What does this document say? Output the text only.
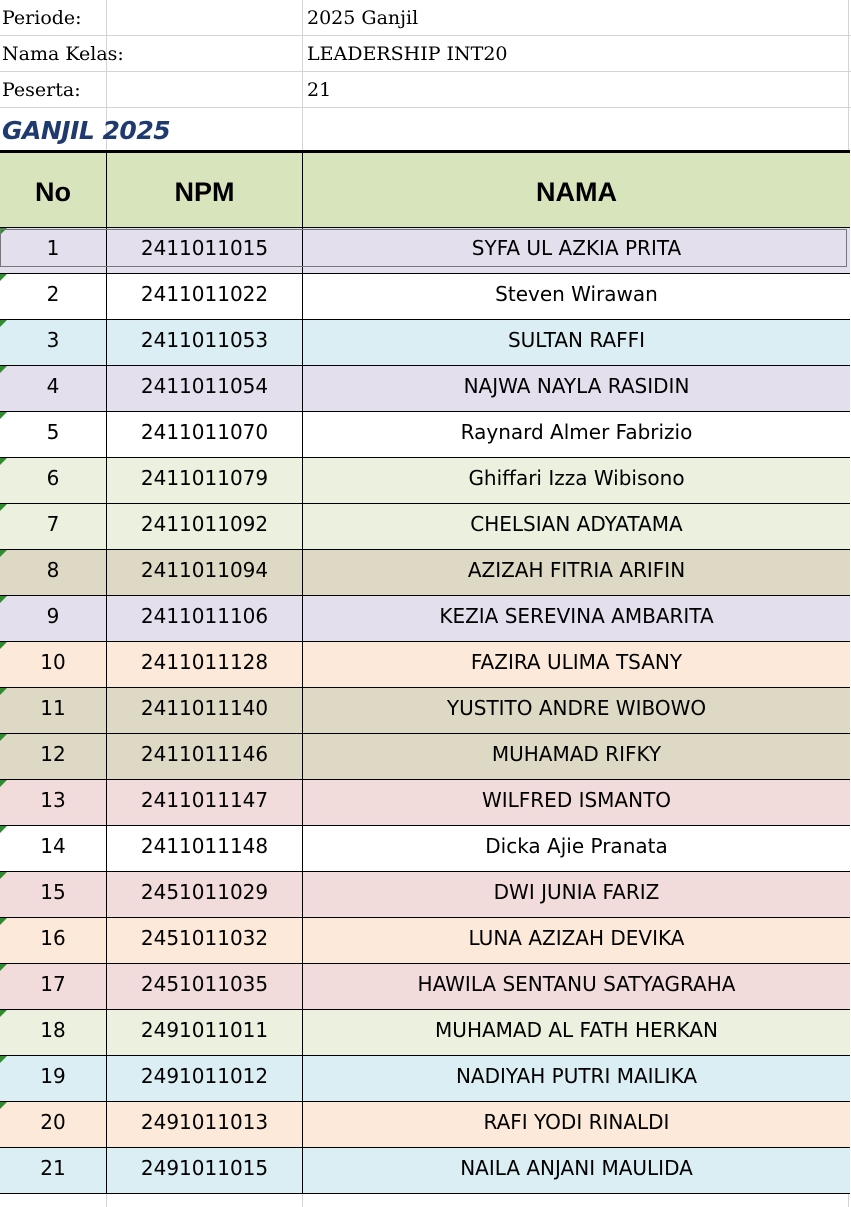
Periode:	2025 Ganjil
Nama Kelas:	LEADERSHIP INT20
Peserta:	21
GANJIL 2025
No	NPM	NAMA
1	2411011015	SYFA UL AZKIA PRITA
2	2411011022	Steven Wirawan
3	2411011053	SULTAN RAFFI
4	2411011054	NAJWA NAYLA RASIDIN
5	2411011070	Raynard Almer Fabrizio
6	2411011079	Ghiffari Izza Wibisono
7	2411011092	CHELSIAN ADYATAMA
8	2411011094	AZIZAH FITRIA ARIFIN
9	2411011106	KEZIA SEREVINA AMBARITA
10	2411011128	FAZIRA ULIMA TSANY
11	2411011140	YUSTITO ANDRE WIBOWO
12	2411011146	MUHAMAD RIFKY
13	2411011147	WILFRED ISMANTO
14	2411011148	Dicka Ajie Pranata
15	2451011029	DWI JUNIA FARIZ
16	2451011032	LUNA AZIZAH DEVIKA
17	2451011035	HAWILA SENTANU SATYAGRAHA
18	2491011011	MUHAMAD AL FATH HERKAN
19	2491011012	NADIYAH PUTRI MAILIKA
20	2491011013	RAFI YODI RINALDI
21	2491011015	NAILA ANJANI MAULIDA
